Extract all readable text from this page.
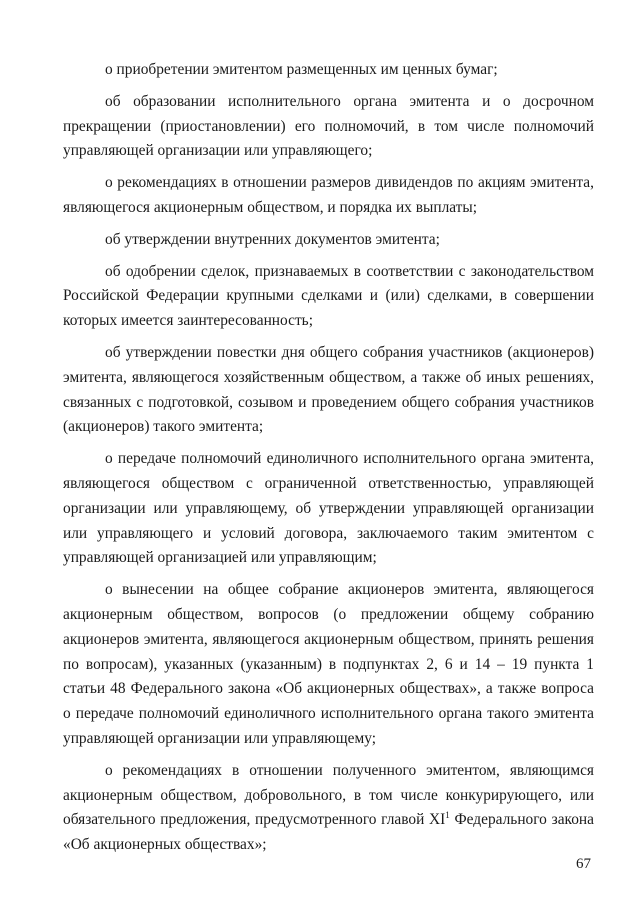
о приобретении эмитентом размещенных им ценных бумаг;

об образовании исполнительного органа эмитента и о досрочном прекращении (приостановлении) его полномочий, в том числе полномочий управляющей организации или управляющего;

о рекомендациях в отношении размеров дивидендов по акциям эмитента, являющегося акционерным обществом, и порядка их выплаты;

об утверждении внутренних документов эмитента;

об одобрении сделок, признаваемых в соответствии с законодательством Российской Федерации крупными сделками и (или) сделками, в совершении которых имеется заинтересованность;

об утверждении повестки дня общего собрания участников (акционеров) эмитента, являющегося хозяйственным обществом, а также об иных решениях, связанных с подготовкой, созывом и проведением общего собрания участников (акционеров) такого эмитента;

о передаче полномочий единоличного исполнительного органа эмитента, являющегося обществом с ограниченной ответственностью, управляющей организации или управляющему, об утверждении управляющей организации или управляющего и условий договора, заключаемого таким эмитентом с управляющей организацией или управляющим;

о вынесении на общее собрание акционеров эмитента, являющегося акционерным обществом, вопросов (о предложении общему собранию акционеров эмитента, являющегося акционерным обществом, принять решения по вопросам), указанных (указанным) в подпунктах 2, 6 и 14 – 19 пункта 1 статьи 48 Федерального закона «Об акционерных обществах», а также вопроса о передаче полномочий единоличного исполнительного органа такого эмитента управляющей организации или управляющему;

о рекомендациях в отношении полученного эмитентом, являющимся акционерным обществом, добровольного, в том числе конкурирующего, или обязательного предложения, предусмотренного главой $XI^1$ Федерального закона «Об акционерных обществах»;

67
